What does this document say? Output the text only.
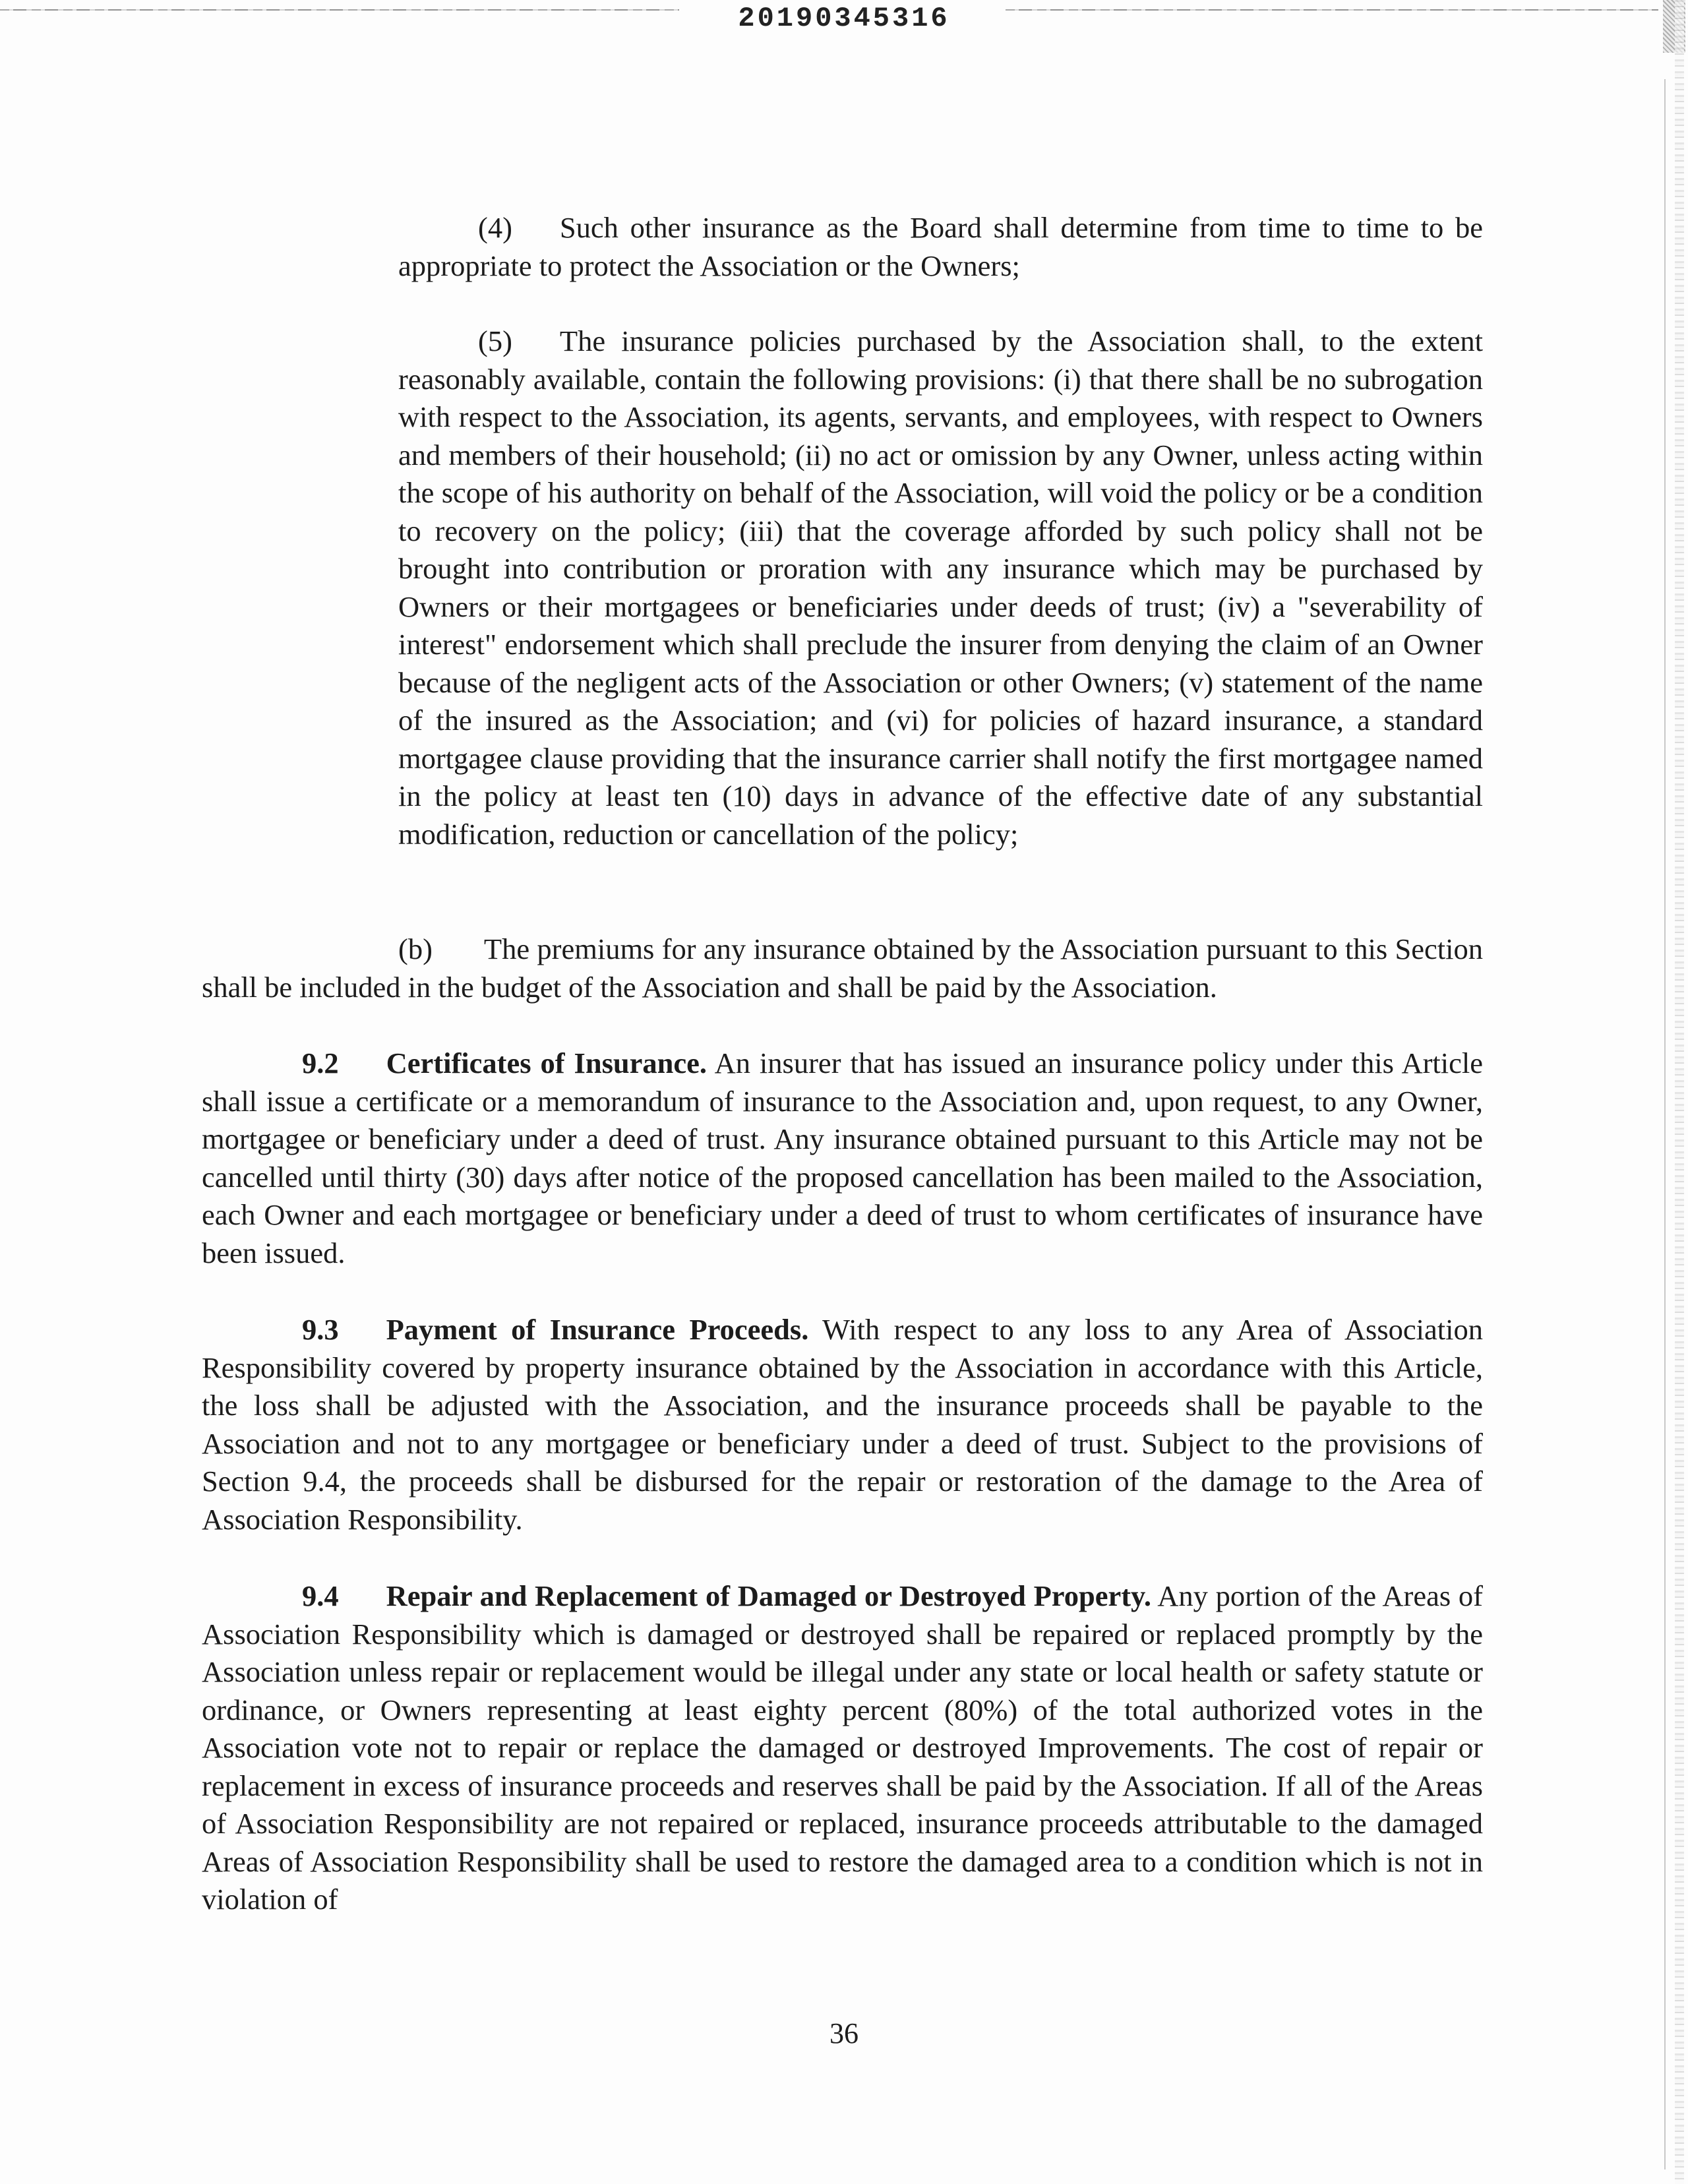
20190345316

(4) Such other insurance as the Board shall determine from time to time to be appropriate to protect the Association or the Owners;

(5) The insurance policies purchased by the Association shall, to the extent reasonably available, contain the following provisions: (i) that there shall be no subrogation with respect to the Association, its agents, servants, and employees, with respect to Owners and members of their household; (ii) no act or omission by any Owner, unless acting within the scope of his authority on behalf of the Association, will void the policy or be a condition to recovery on the policy; (iii) that the coverage afforded by such policy shall not be brought into contribution or proration with any insurance which may be purchased by Owners or their mortgagees or beneficiaries under deeds of trust; (iv) a "severability of interest" endorsement which shall preclude the insurer from denying the claim of an Owner because of the negligent acts of the Association or other Owners; (v) statement of the name of the insured as the Association; and (vi) for policies of hazard insurance, a standard mortgagee clause providing that the insurance carrier shall notify the first mortgagee named in the policy at least ten (10) days in advance of the effective date of any substantial modification, reduction or cancellation of the policy;

(b) The premiums for any insurance obtained by the Association pursuant to this Section shall be included in the budget of the Association and shall be paid by the Association.

9.2 Certificates of Insurance. An insurer that has issued an insurance policy under this Article shall issue a certificate or a memorandum of insurance to the Association and, upon request, to any Owner, mortgagee or beneficiary under a deed of trust. Any insurance obtained pursuant to this Article may not be cancelled until thirty (30) days after notice of the proposed cancellation has been mailed to the Association, each Owner and each mortgagee or beneficiary under a deed of trust to whom certificates of insurance have been issued.

9.3 Payment of Insurance Proceeds. With respect to any loss to any Area of Association Responsibility covered by property insurance obtained by the Association in accordance with this Article, the loss shall be adjusted with the Association, and the insurance proceeds shall be payable to the Association and not to any mortgagee or beneficiary under a deed of trust. Subject to the provisions of Section 9.4, the proceeds shall be disbursed for the repair or restoration of the damage to the Area of Association Responsibility.

9.4 Repair and Replacement of Damaged or Destroyed Property. Any portion of the Areas of Association Responsibility which is damaged or destroyed shall be repaired or replaced promptly by the Association unless repair or replacement would be illegal under any state or local health or safety statute or ordinance, or Owners representing at least eighty percent (80%) of the total authorized votes in the Association vote not to repair or replace the damaged or destroyed Improvements. The cost of repair or replacement in excess of insurance proceeds and reserves shall be paid by the Association. If all of the Areas of Association Responsibility are not repaired or replaced, insurance proceeds attributable to the damaged Areas of Association Responsibility shall be used to restore the damaged area to a condition which is not in violation of

36
